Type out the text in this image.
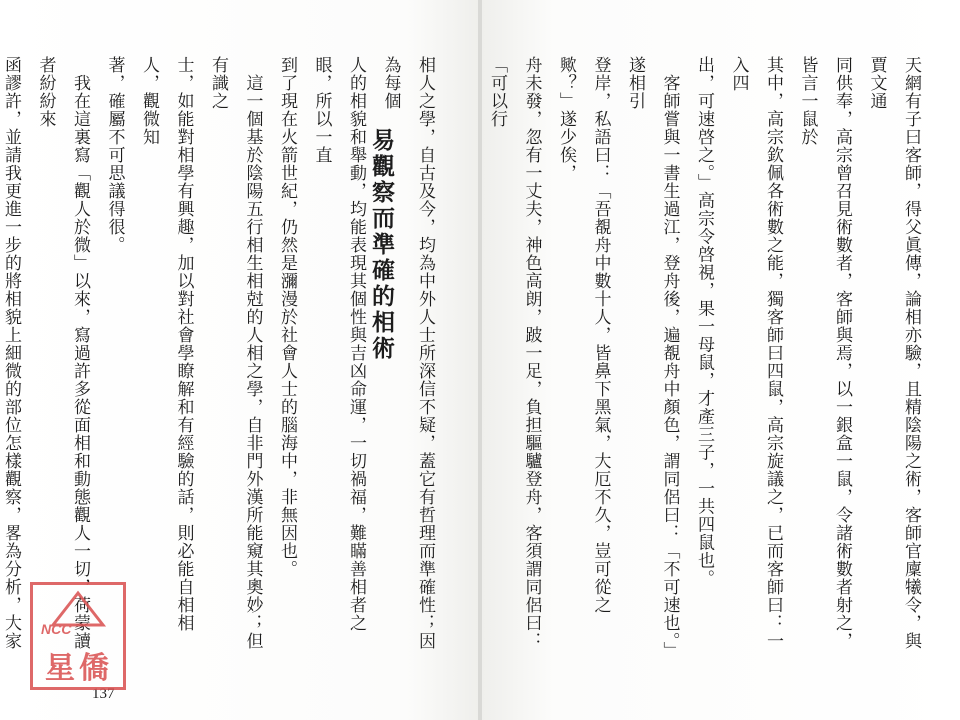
易觀察而準確的相術	相人之學，自古及今，均為中外人士所深信不疑，蓋它有哲理而準確性；因為每個
人的相貌和舉動，均能表現其個性與吉凶命運，一切禍福，難瞞善相者之眼，所以一直
到了現在火箭世紀，仍然是瀰漫於社會人士的腦海中，非無因也。
　這一個基於陰陽五行相生相尅的人相之學，自非門外漢所能窺其奧妙；但有識之
士，如能對相學有興趣，加以對社會學瞭解和有經驗的話，則必能自相相人，觀微知
著，確屬不可思議得很。
　我在這裏寫「觀人於微」以來，寫過許多從面相和動態觀人一切，荷蒙讀者紛紛來
函謬許，並請我更進一步的將相貌上細微的部位怎樣觀察，畧為分析，大家

137
NCC
星僑
天網有子曰客師，得父眞傳，論相亦驗，且精陰陽之術，客師官廩犧令，與賈文通
同供奉，高宗曾召見術數者，客師與焉，以一銀盒一鼠，令諸術數者射之，皆言一鼠於
其中，高宗欽佩各術數之能，獨客師曰四鼠，高宗旋議之，已而客師曰：一入四
出，可速啓之。」高宗令啓視，果一母鼠，才產三子，一共四鼠也。
　客師嘗與一書生過江，登舟後，遍覩舟中顏色，謂同侶曰：「不可速也。」遂相引
登岸，私語曰：「吾覩舟中數十人，皆鼻下黑氣，大厄不久，豈可從之歟？」遂少俟，
舟未發，忽有一丈夫，神色高朗，跛一足，負担驅驢登舟，客須謂同侶曰：「可以行
